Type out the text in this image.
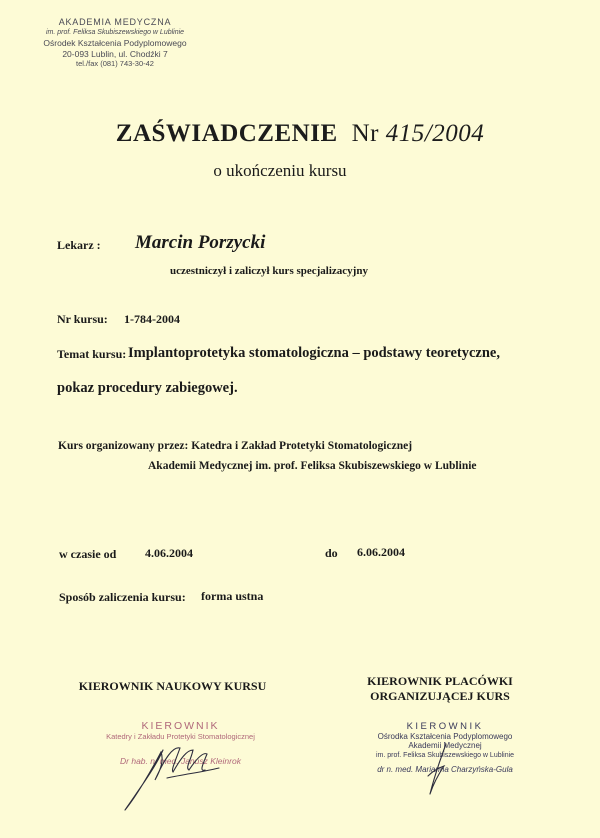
AKADEMIA MEDYCZNA
im. prof. Feliksa Skubiszewskiego w Lublinie
Ośrodek Kształcenia Podyplomowego
20-093 Lublin, ul. Chodźki 7
tel./fax (081) 743-30-42
ZAŚWIADCZENIE Nr 415/2004
o ukończeniu kursu
Lekarz : Marcin Porzycki
uczestniczył i zaliczył kurs specjalizacyjny
Nr kursu: 1-784-2004
Temat kursu: Implantoprotetyka stomatologiczna – podstawy teoretyczne,
pokaz procedury zabiegowej.
Kurs organizowany przez: Katedra i Zakład Protetyki Stomatologicznej
Akademii Medycznej im. prof. Feliksa Skubiszewskiego w Lublinie
w czasie od 4.06.2004	do 6.06.2004
Sposób zaliczenia kursu: forma ustna
KIEROWNIK NAUKOWY KURSU	KIEROWNIK PLACÓWKI
ORGANIZUJĄCEJ KURS
KIEROWNIK
Katedry i Zakładu Protetyki Stomatologicznej
Dr hab. n. med. Janusz Kleinrok
KIEROWNIK
Ośrodka Kształcenia Podyplomowego
Akademii Medycznej
im. prof. Feliksa Skubiszewskiego w Lublinie
dr n. med. Marianna Charzyńska-Gula
